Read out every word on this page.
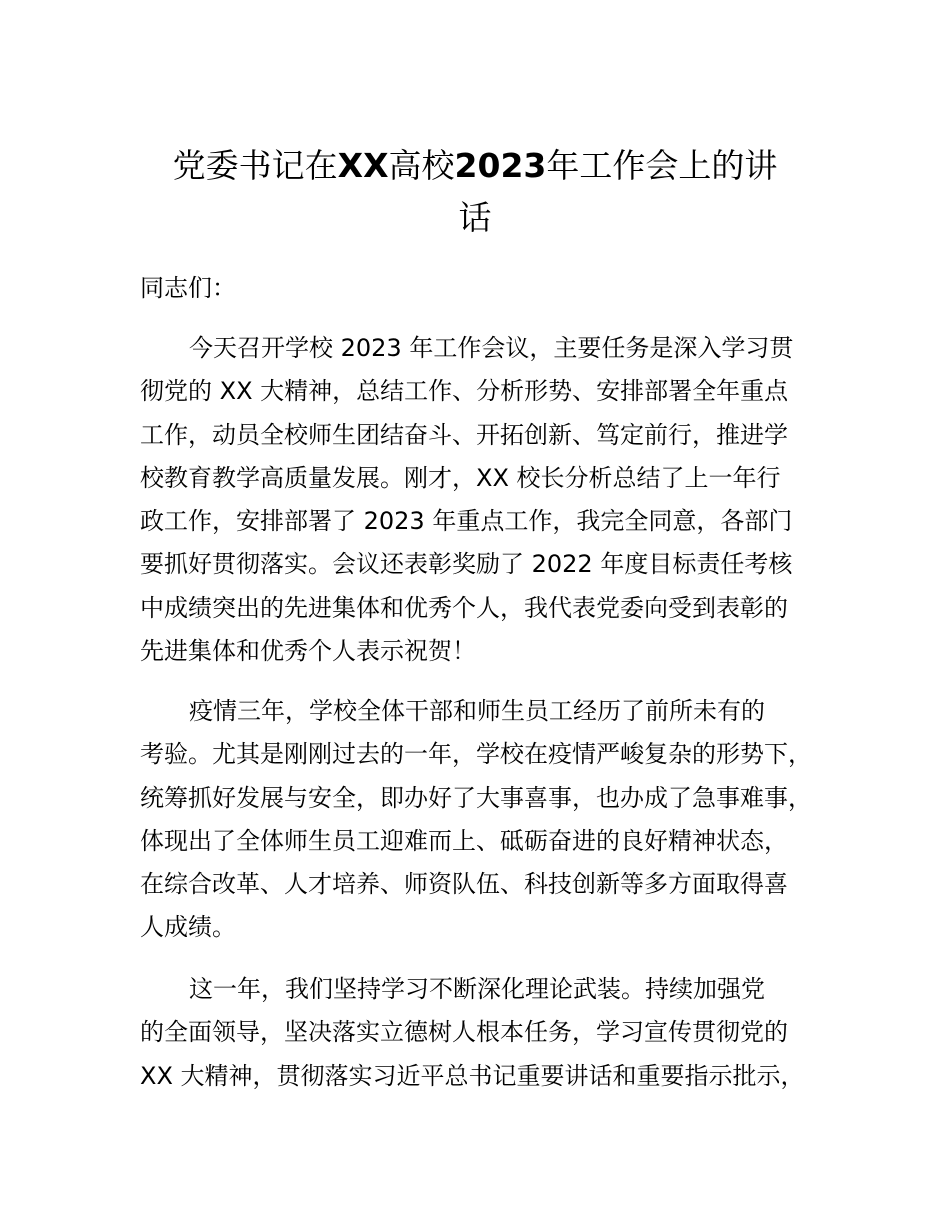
党委书记在XX高校2023年工作会上的讲
话

同志们：

今天召开学校 2023 年工作会议，主要任务是深入学习贯
彻党的 XX 大精神，总结工作、分析形势、安排部署全年重点
工作，动员全校师生团结奋斗、开拓创新、笃定前行，推进学
校教育教学高质量发展。刚才，XX 校长分析总结了上一年行
政工作，安排部署了 2023 年重点工作，我完全同意，各部门
要抓好贯彻落实。会议还表彰奖励了 2022 年度目标责任考核
中成绩突出的先进集体和优秀个人，我代表党委向受到表彰的
先进集体和优秀个人表示祝贺！

疫情三年，学校全体干部和师生员工经历了前所未有的
考验。尤其是刚刚过去的一年，学校在疫情严峻复杂的形势下，
统筹抓好发展与安全，即办好了大事喜事，也办成了急事难事，
体现出了全体师生员工迎难而上、砥砺奋进的良好精神状态，
在综合改革、人才培养、师资队伍、科技创新等多方面取得喜
人成绩。

这一年，我们坚持学习不断深化理论武装。持续加强党
的全面领导，坚决落实立德树人根本任务，学习宣传贯彻党的
XX 大精神，贯彻落实习近平总书记重要讲话和重要指示批示，
